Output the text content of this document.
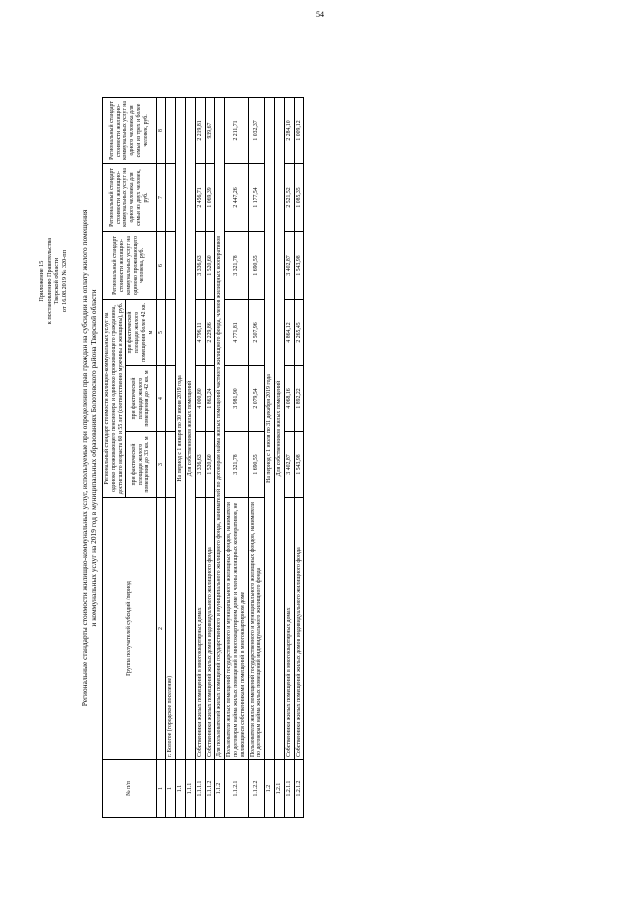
54
Приложение 15 к постановлению Правительства Тверской области от 16.08.2019 № 320-пп Региональные стандарты стоимости жилищно-коммунальных услуг, используемые при определении прав граждан на субсидии на оплату жилого помещения и коммунальных услуг на 2019 год в муниципальных образованиях Болотовского района Тверской области
№ п/п	Группа получателей субсидий /период	Региональный стандарт стоимости жилищно-коммунальных услуг на одиноко проживающего пенсионера и одиноко проживающего гражданина, достигшего возраста 60 и 55 лет (соответственно мужчины и женщины), руб.			Региональный стандарт стоимости жилищно-коммунальных услуг на одиноко проживающего человека, руб.	Региональный стандарт стоимости жилищно-коммунальных услуг на одного человека для семьи из двух человек, руб.	Региональный стандарт стоимости жилищно-коммунальных услуг на одного человека для семьи из трех и более человек, руб.
		при фактической площади жилого помещения до 33 кв. м	при фактической площади жилого помещения до 42 кв. м	при фактической площади жилого помещения более 42 кв. м			
1	2	3	4	5	6	7	8
1	г. Бологое (городское поселение)						
1.1	На период с 1 января по 30 июня 2019 года						
1.1.1	Для собственников жилых помещений						
1.1.1.1	Собственники жилых помещений в многоквартирных домах	3 336,63	4 000,80	4 796,11	3 336,63	2 456,71	2 219,81
1.1.1.2	Собственники жилых помещений жилых домов индивидуального жилищного фонда	1 520,60	1 863,24	2 229,86	1 520,60	1 069,39	939,67
1.1.2	Для пользователей жилых помещений государственного и муниципального жилищного фонда, нанимателей по договорам найма жилых помещений частного жилищного фонда, членов жилищных кооперативов						
1.1.2.1	Пользователи жилых помещений государственного и муниципального жилищных фондов, наниматели по договорам найма жилых помещений в многоквартирном доме и члены жилищных кооперативов, не являющиеся собственниками помещений в многоквартирном доме	3 321,78	3 981,90	4 771,81	3 321,78	2 447,26	2 211,71
1.1.2.2	Пользователи жилых помещений государственного и муниципального жилищных фондов, наниматели по договорам найма жилых помещений индивидуального жилищного фонда	1 690,55	2 079,54	2 507,96	1 690,55	1 177,54	1 032,37
1.2	На период с 1 июля по 31 декабря 2019 года						
1.2.1	Для собственников жилых помещений						
1.2.1.1	Собственники жилых помещений в многоквартирных домах	3 402,87	4 068,16	4 864,12	3 402,87	2 521,52	2 284,10
1.2.1.2	Собственники жилых помещений жилых домов индивидуального жилищного фонда	1 543,98	1 892,22	2 265,45	1 543,98	1 085,35	1 009,12
